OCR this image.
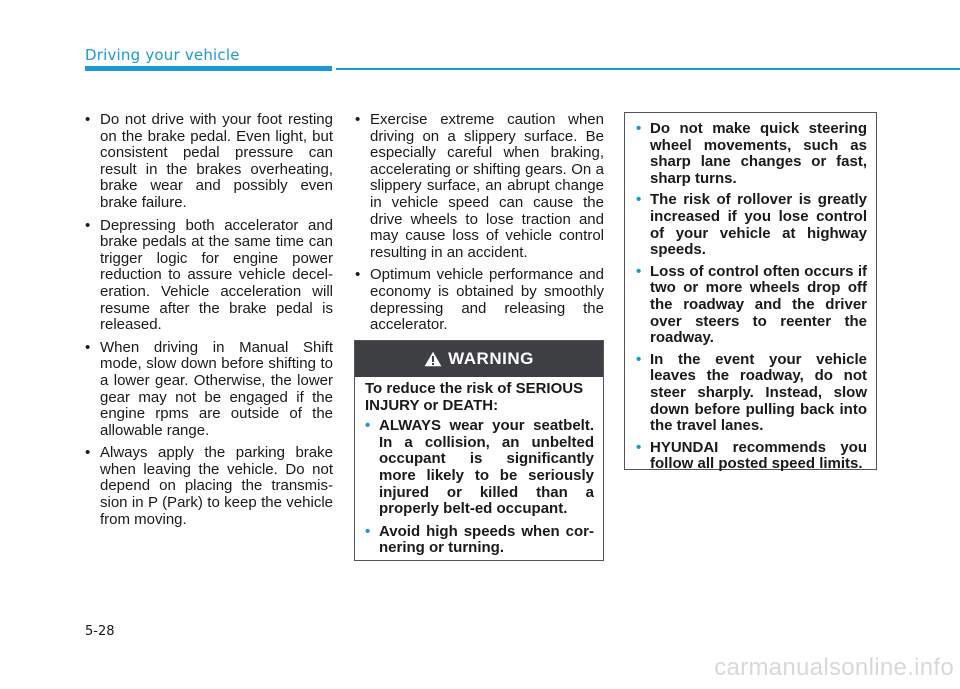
Driving your vehicle
• Do not drive with your foot resting on the brake pedal. Even light, but consistent pedal pressure can result in the brakes overheating, brake wear and possibly even brake failure.
• Depressing both accelerator and brake pedals at the same time can trigger logic for engine power reduction to assure vehicle decel-eration. Vehicle acceleration will resume after the brake pedal is released.
• When driving in Manual Shift mode, slow down before shifting to a lower gear. Otherwise, the lower gear may not be engaged if the engine rpms are outside of the allowable range.
• Always apply the parking brake when leaving the vehicle. Do not depend on placing the transmis-sion in P (Park) to keep the vehicle from moving.
• Exercise extreme caution when driving on a slippery surface. Be especially careful when braking, accelerating or shifting gears. On a slippery surface, an abrupt change in vehicle speed can cause the drive wheels to lose traction and may cause loss of vehicle control resulting in an accident.
• Optimum vehicle performance and economy is obtained by smoothly depressing and releasing the accelerator.
WARNING

To reduce the risk of SERIOUS INJURY or DEATH:

• ALWAYS wear your seatbelt. In a collision, an unbelted occupant is significantly more likely to be seriously injured or killed than a properly belt-ed occupant.
• Avoid high speeds when cor-nering or turning.
• Do not make quick steering wheel movements, such as sharp lane changes or fast, sharp turns.
• The risk of rollover is greatly increased if you lose control of your vehicle at highway speeds.
• Loss of control often occurs if two or more wheels drop off the roadway and the driver over steers to reenter the roadway.
• In the event your vehicle leaves the roadway, do not steer sharply. Instead, slow down before pulling back into the travel lanes.
• HYUNDAI recommends you follow all posted speed limits.

5-28

carmanualsonline.info
